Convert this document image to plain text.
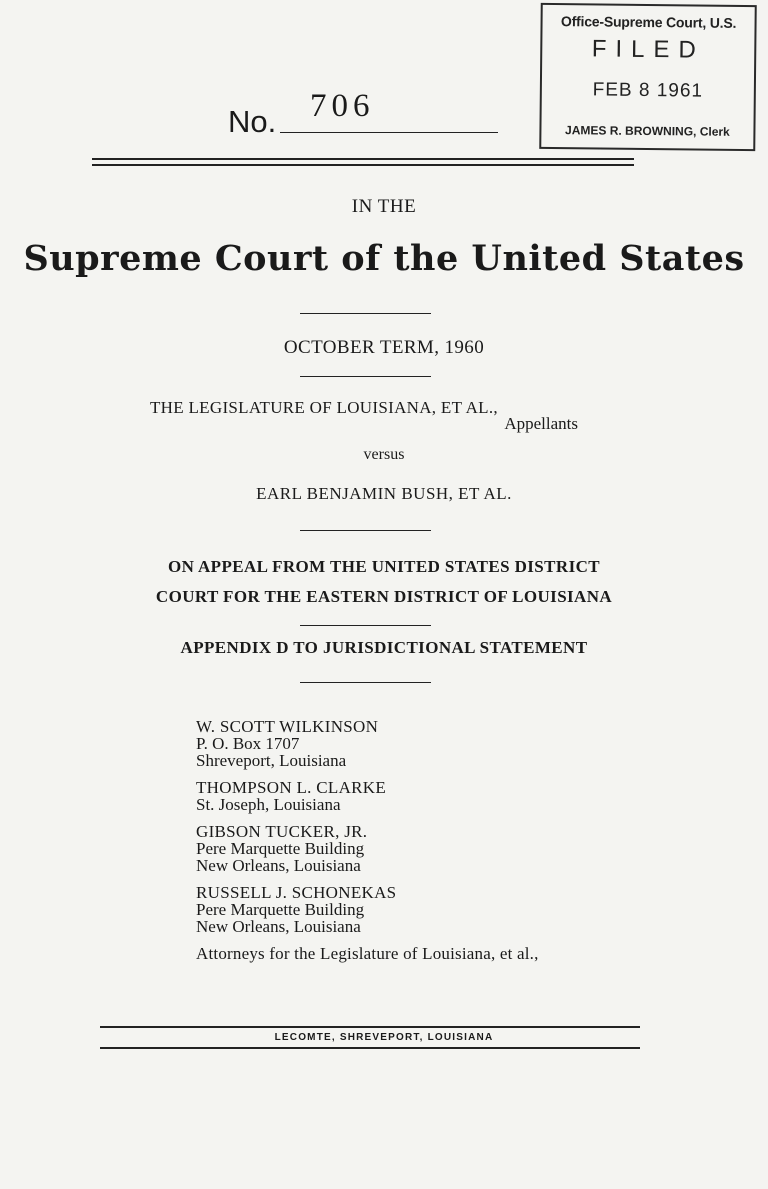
Office-Supreme Court, U.S.
FILED
FEB 8 1961
JAMES R. BROWNING, Clerk
No. 706
IN THE
Supreme Court of the United States
OCTOBER TERM, 1960
THE LEGISLATURE OF LOUISIANA, ET AL.,
Appellants
versus
EARL BENJAMIN BUSH, ET AL.
ON APPEAL FROM THE UNITED STATES DISTRICT
COURT FOR THE EASTERN DISTRICT OF LOUISIANA
APPENDIX D TO JURISDICTIONAL STATEMENT
W. SCOTT WILKINSON
P. O. Box 1707
Shreveport, Louisiana
THOMPSON L. CLARKE
St. Joseph, Louisiana
GIBSON TUCKER, JR.
Pere Marquette Building
New Orleans, Louisiana
RUSSELL J. SCHONEKAS
Pere Marquette Building
New Orleans, Louisiana
Attorneys for the Legislature of Louisiana, et al.,
LECOMTE, SHREVEPORT, LOUISIANA
